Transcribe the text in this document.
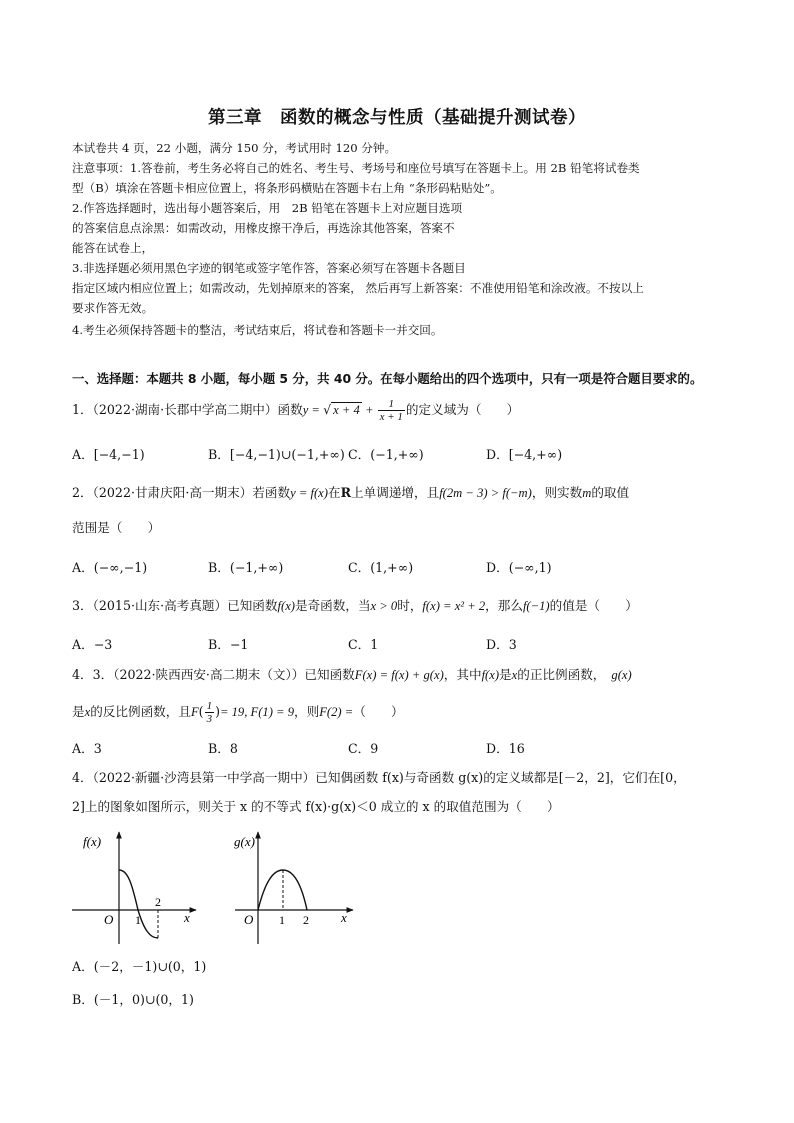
第三章　函数的概念与性质（基础提升测试卷）
本试卷共 4 页，22 小题，满分 150 分，考试用时 120 分钟。
注意事项：1.答卷前，考生务必将自己的姓名、考生号、考场号和座位号填写在答题卡上。用 2B 铅笔将试卷类
型（B）填涂在答题卡相应位置上，将条形码横贴在答题卡右上角 “条形码粘贴处”。
2.作答选择题时，选出每小题答案后，用　2B 铅笔在答题卡上对应题目选项
的答案信息点涂黑：如需改动，用橡皮擦干净后，再选涂其他答案，答案不
能答在试卷上，
3.非选择题必须用黑色字迹的钢笔或签字笔作答，答案必须写在答题卡各题目
指定区域内相应位置上；如需改动，先划掉原来的答案， 然后再写上新答案：不准使用铅笔和涂改液。不按以上
要求作答无效。
4.考生必须保持答题卡的整洁，考试结束后，将试卷和答题卡一并交回。
一、选择题：本题共 8 小题，每小题 5 分，共 40 分。在每小题给出的四个选项中，只有一项是符合题目要求的。
1．（2022·湖南·长郡中学高二期中）函数y = √ $x + 4 + \frac{1}{x + 1}$ 的定义域为（　　）
A．[−4,−1)	B．[−4,−1)∪(−1,+∞) C．(−1,+∞)	D．[−4,+∞)
2．（2022·甘肃庆阳·高一期末）若函数y = f(x)在R上单调递增，且f(2m − 3) > f(−m)，则实数m的取值
范围是（　　）
A．(−∞,−1)	B．(−1,+∞)	C．(1,+∞)	D．(−∞,1)
3．（2015·山东·高考真题）已知函数f(x)是奇函数，当x > 0时，f(x) = x² + 2，那么f(−1)的值是（　　）
A．−3	B．−1	C．1	D．3
4．3．（2022·陕西西安·高二期末（文））已知函数F(x) = f(x) + g(x)，其中f(x)是x的正比例函数， g(x)
是x的反比例函数，且$F( \frac{1}{3}$ )= 19, F(1) = 9，则F(2) =（　　）
A．3	B．8	C．9	D．16
4．（2022·新疆·沙湾县第一中学高一期中）已知偶函数 f(x)与奇函数 g(x)的定义域都是[－2，2]，它们在[0，
2]上的图象如图所示，则关于 x 的不等式 f(x)·g(x)＜0 成立的 x 的取值范围为（　　）
f(x)
O 1
2
x
g(x)
O 1 2 x
A．(－2，－1)∪(0，1)
B．(－1，0)∪(0，1)
